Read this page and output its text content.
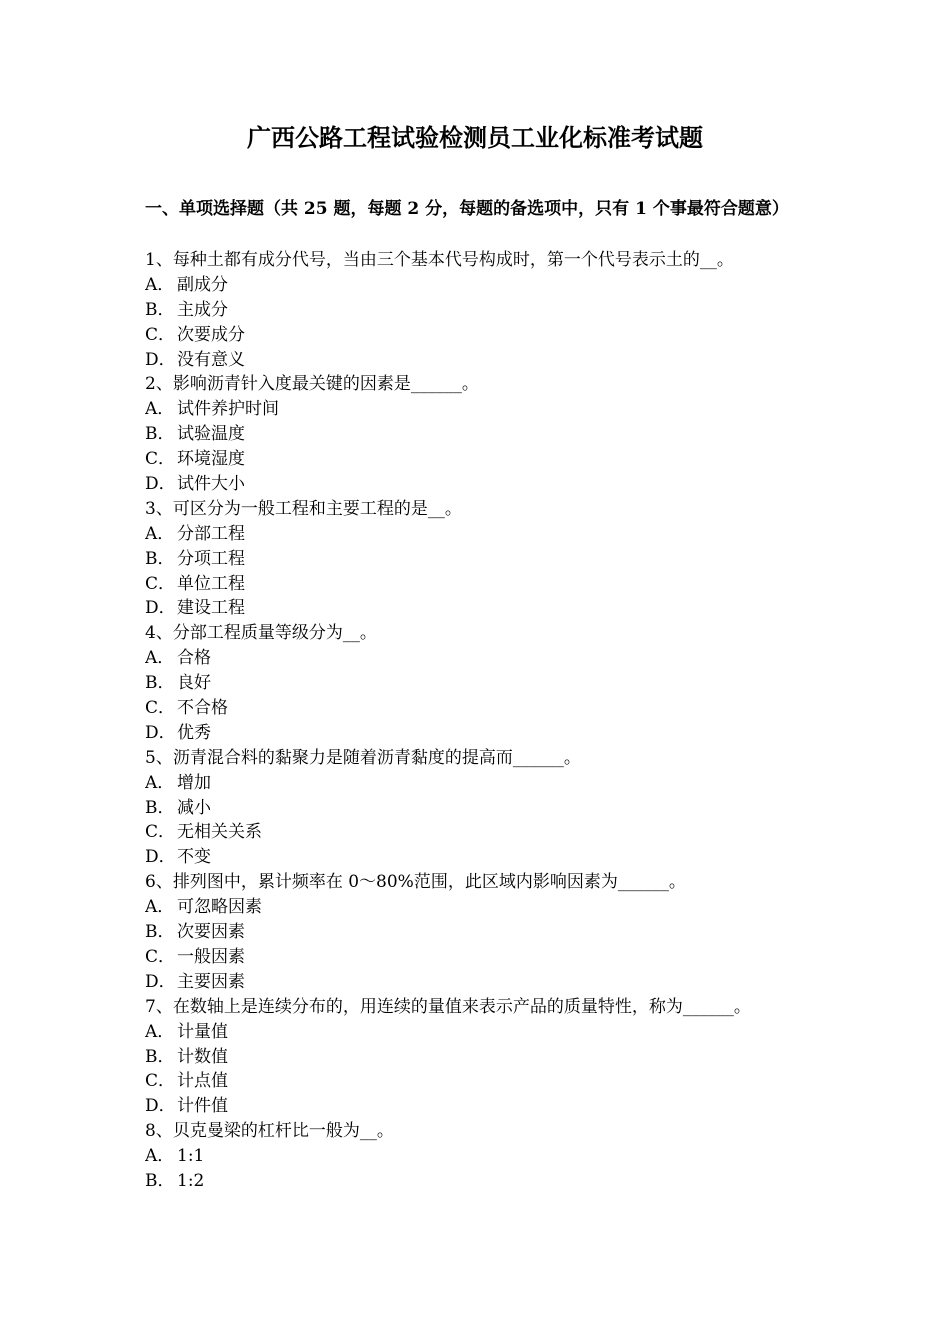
广西公路工程试验检测员工业化标准考试题
一、单项选择题（共 25 题，每题 2 分，每题的备选项中，只有 1 个事最符合题意）
1、每种土都有成分代号，当由三个基本代号构成时，第一个代号表示土的__。
A． 副成分
B． 主成分
C． 次要成分
D．没有意义
2、影响沥青针入度最关键的因素是______。
A． 试件养护时间
B． 试验温度
C． 环境湿度
D．试件大小
3、可区分为一般工程和主要工程的是__。
A． 分部工程
B． 分项工程
C． 单位工程
D．建设工程
4、分部工程质量等级分为__。
A． 合格
B． 良好
C． 不合格
D．优秀
5、沥青混合料的黏聚力是随着沥青黏度的提高而______。
A． 增加
B． 减小
C． 无相关关系
D．不变
6、排列图中，累计频率在 0～80%范围，此区域内影响因素为______。
A． 可忽略因素
B． 次要因素
C． 一般因素
D．主要因素
7、在数轴上是连续分布的，用连续的量值来表示产品的质量特性，称为______。
A． 计量值
B． 计数值
C． 计点值
D．计件值
8、贝克曼梁的杠杆比一般为__。
A． 1:1
B． 1:2
